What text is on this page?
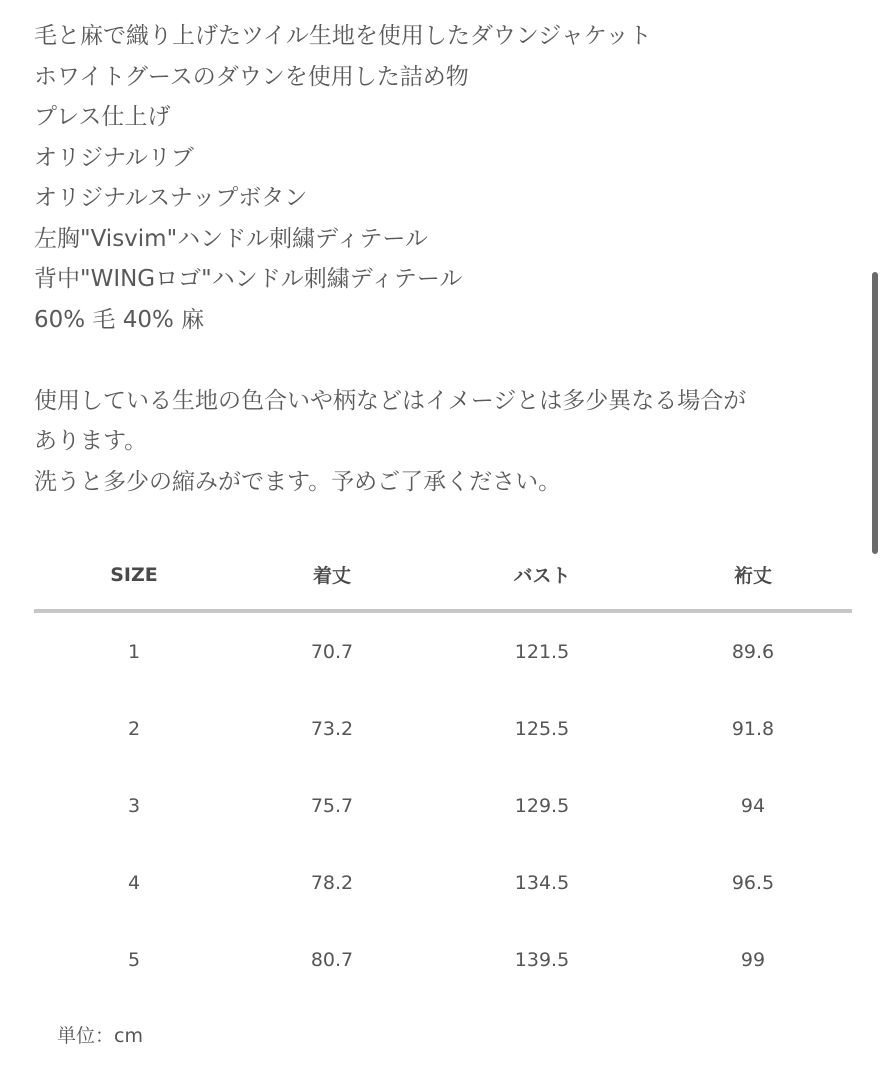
毛と麻で織り上げたツイル生地を使用したダウンジャケット
ホワイトグースのダウンを使用した詰め物
プレス仕上げ
オリジナルリブ
オリジナルスナップボタン
左胸"Visvim"ハンドル刺繍ディテール
背中"WINGロゴ"ハンドル刺繍ディテール
60% 毛 40% 麻
使用している生地の色合いや柄などはイメージとは多少異なる場合が
あります。
洗うと多少の縮みがでます。予めご了承ください。
SIZE	着丈	バスト	裄丈
1	70.7	121.5	89.6
2	73.2	125.5	91.8
3	75.7	129.5	94
4	78.2	134.5	96.5
5	80.7	139.5	99
単位：cm
